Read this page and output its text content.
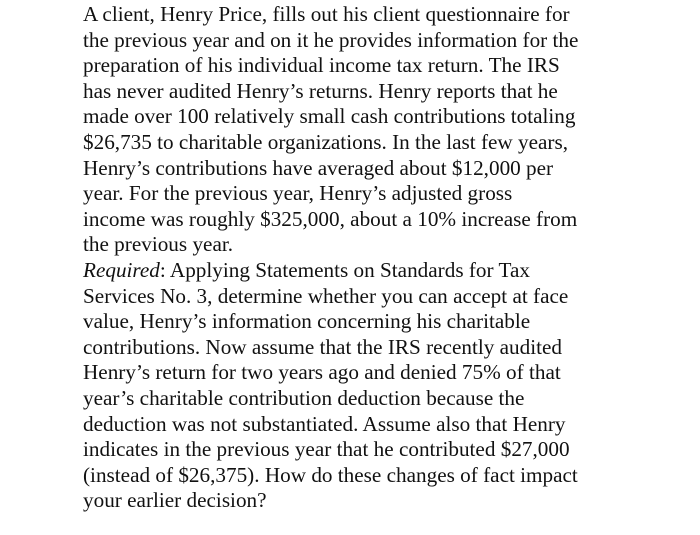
A client, Henry Price, fills out his client questionnaire for
the previous year and on it he provides information for the
preparation of his individual income tax return. The IRS
has never audited Henry’s returns. Henry reports that he
made over 100 relatively small cash contributions totaling
$26,735 to charitable organizations. In the last few years,
Henry’s contributions have averaged about $12,000 per
year. For the previous year, Henry’s adjusted gross
income was roughly $325,000, about a 10% increase from
the previous year.
Required: Applying Statements on Standards for Tax
Services No. 3, determine whether you can accept at face
value, Henry’s information concerning his charitable
contributions. Now assume that the IRS recently audited
Henry’s return for two years ago and denied 75% of that
year’s charitable contribution deduction because the
deduction was not substantiated. Assume also that Henry
indicates in the previous year that he contributed $27,000
(instead of $26,375). How do these changes of fact impact
your earlier decision?
